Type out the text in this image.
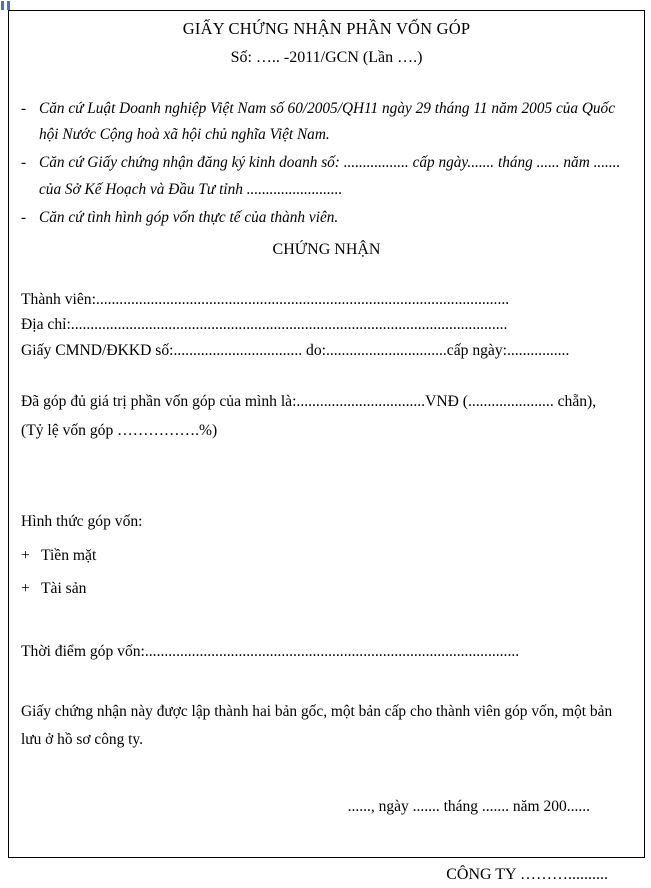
GIẤY CHỨNG NHẬN PHẦN VỐN GÓP
Số: ….. -2011/GCN (Lần ….)
- Căn cứ Luật Doanh nghiệp Việt Nam số 60/2005/QH11 ngày 29 tháng 11 năm 2005 của Quốc hội Nước Cộng hoà xã hội chủ nghĩa Việt Nam.
- Căn cứ Giấy chứng nhận đăng ký kinh doanh số: ................. cấp ngày....... tháng ...... năm ....... của Sở Kế Hoạch và Đầu Tư tỉnh .........................
- Căn cứ tình hình góp vốn thực tế của thành viên.
CHỨNG NHẬN
Thành viên:..........................................................................................................
Địa chỉ:................................................................................................................
Giấy CMND/ĐKKD số:................................. do:...............................cấp ngày:................
Đã góp đủ giá trị phần vốn góp của mình là:.................................VNĐ (...................... chẵn),
(Tỷ lệ vốn góp …………….%)
Hình thức góp vốn:
+ Tiền mặt
+ Tài sản
Thời điểm góp vốn:................................................................................................
Giấy chứng nhận này được lập thành hai bản gốc, một bản cấp cho thành viên góp vốn, một bản lưu ở hồ sơ công ty.
......, ngày ....... tháng ....... năm 200......
CÔNG TY ………..........
